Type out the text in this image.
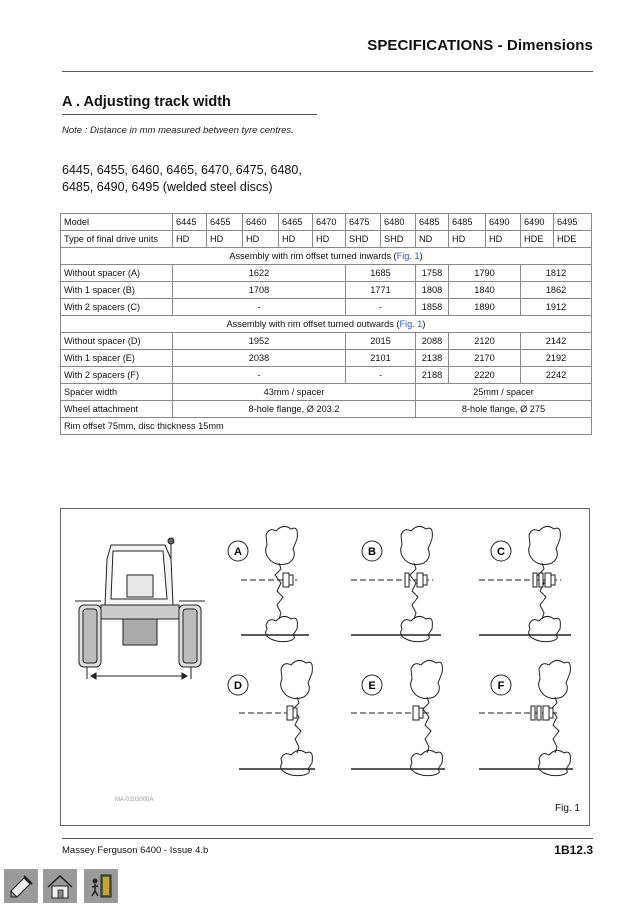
SPECIFICATIONS - Dimensions
A . Adjusting track width
Note : Distance in mm measured between tyre centres.
6445, 6455, 6460, 6465, 6470, 6475, 6480, 6485, 6490, 6495 (welded steel discs)
Model	6445	6455	6460	6465	6470	6475	6480	6485	6485	6490	6490	6495
Type of final drive units	HD	HD	HD	HD	HD	SHD	SHD	ND	HD	HD	HDE	HDE
Assembly with rim offset turned inwards (Fig. 1)												
Without spacer (A)	1622					1685		1758	1790		1812	
With 1 spacer (B)	1708					1771		1808	1840		1862	
With 2 spacers (C)	-					-		1858	1890		1912	
Assembly with rim offset turned outwards (Fig. 1)												
Without spacer (D)	1952					2015		2088	2120		2142	
With 1 spacer (E)	2038					2101		2138	2170		2192	
With 2 spacers (F)	-					-		2188	2220		2242	
Spacer width	43mm / spacer							25mm / spacer				
Wheel attachment	8-hole flange, Ø 203.2							8-hole flange, Ø 275				
Rim offset 75mm, disc thickness 15mm												
A	B	C
D	E	F
MA-0103000A
Fig. 1
Massey Ferguson 6400 - Issue 4.b	1B12.3
